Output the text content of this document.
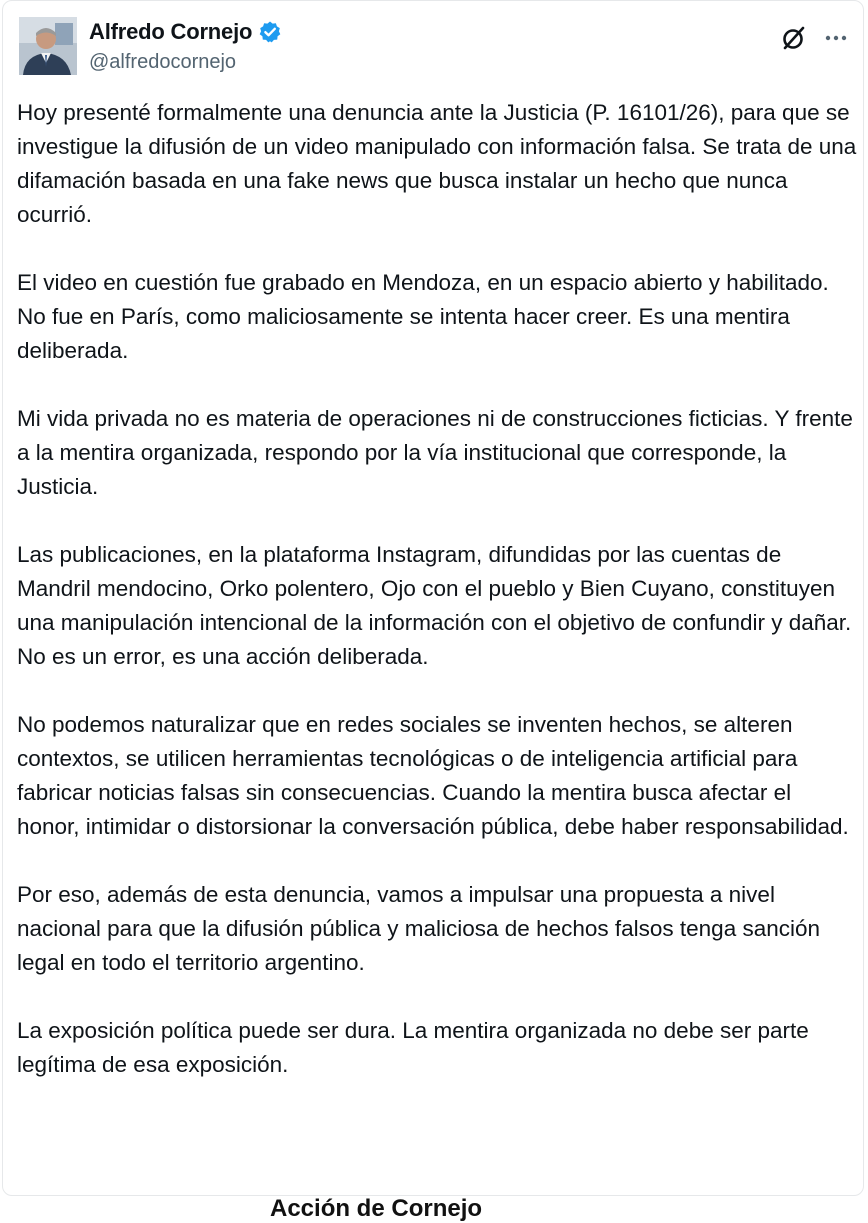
Alfredo Cornejo
@alfredocornejo

Hoy presenté formalmente una denuncia ante la Justicia (P. 16101/26), para que se investigue la difusión de un video manipulado con información falsa. Se trata de una difamación basada en una fake news que busca instalar un hecho que nunca ocurrió.

El video en cuestión fue grabado en Mendoza, en un espacio abierto y habilitado. No fue en París, como maliciosamente se intenta hacer creer. Es una mentira deliberada.

Mi vida privada no es materia de operaciones ni de construcciones ficticias. Y frente a la mentira organizada, respondo por la vía institucional que corresponde, la Justicia.

Las publicaciones, en la plataforma Instagram, difundidas por las cuentas de Mandril mendocino, Orko polentero, Ojo con el pueblo y Bien Cuyano, constituyen una manipulación intencional de la información con el objetivo de confundir y dañar. No es un error, es una acción deliberada.

No podemos naturalizar que en redes sociales se inventen hechos, se alteren contextos, se utilicen herramientas tecnológicas o de inteligencia artificial para fabricar noticias falsas sin consecuencias. Cuando la mentira busca afectar el honor, intimidar o distorsionar la conversación pública, debe haber responsabilidad.

Por eso, además de esta denuncia, vamos a impulsar una propuesta a nivel nacional para que la difusión pública y maliciosa de hechos falsos tenga sanción legal en todo el territorio argentino.

La exposición política puede ser dura. La mentira organizada no debe ser parte legítima de esa exposición.

Acción de Cornejo
